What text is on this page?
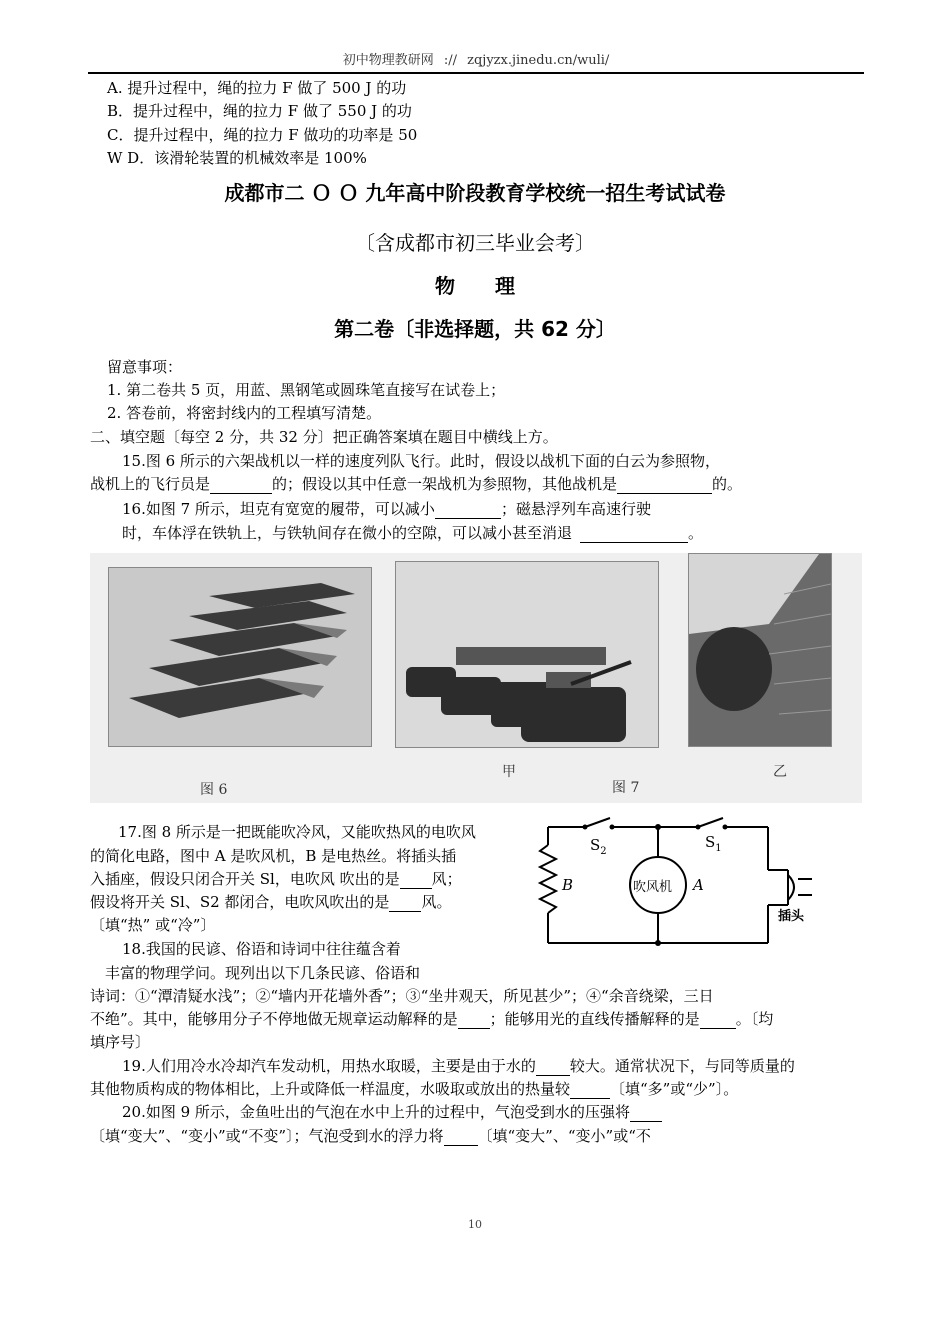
初中物理教研网 :// zqjyzx.jinedu.cn/wuli/
A. 提升过程中，绳的拉力 F 做了 500 J 的功
B．提升过程中，绳的拉力 F 做了 550 J 的功
C．提升过程中，绳的拉力 F 做功的功率是 50
W D．该滑轮装置的机械效率是 100%
成都市二 Ｏ Ｏ 九年高中阶段教育学校统一招生考试试卷
〔含成都市初三毕业会考〕
物　　理
第二卷〔非选择题，共 62 分〕
留意事项：
1. 第二卷共 5 页，用蓝、黑钢笔或圆珠笔直接写在试卷上；
2. 答卷前，将密封线内的工程填写清楚。
二、填空题〔每空 2 分，共 32 分〕把正确答案填在题目中横线上方。
15.图 6 所示的六架战机以一样的速度列队飞行。此时，假设以战机下面的白云为参照物，
战机上的飞行员是	的；假设以其中任意一架战机为参照物，其他战机是	的。
16.如图 7 所示，坦克有宽宽的履带，可以减小	；磁悬浮列车高速行驶
时，车体浮在铁轨上，与铁轨间存在微小的空隙，可以减小甚至消退	。
图 6
甲
图 7
乙
17.图 8 所示是一把既能吹冷风，又能吹热风的电吹风
的简化电路，图中 A 是吹风机，B 是电热丝。将插头插
入插座，假设只闭合开关 Sl，电吹风 吹出的是 风；
假设将开关 Sl、S2 都闭合，电吹风吹出的是 风。
〔填“热” 或“冷”〕
$S_2$
$S_1$
B	吹风机 A
插头
18.我国的民谚、俗语和诗词中往往蕴含着
丰富的物理学问。现列出以下几条民谚、俗语和
诗词：①“潭清疑水浅”；②“墙内开花墙外香”；③“坐井观天，所见甚少”；④“余音绕梁，三日
不绝”。其中，能够用分子不停地做无规章运动解释的是 ；能够用光的直线传播解释的是 。〔均
填序号〕
19.人们用冷水冷却汽车发动机，用热水取暖，主要是由于水的 较大。通常状况下，与同等质量的
其他物质构成的物体相比，上升或降低一样温度，水吸取或放出的热量较	〔填“多”或“少”〕。
20.如图 9 所示，金鱼吐出的气泡在水中上升的过程中，气泡受到水的压强将
〔填“变大”、“变小”或“不变”〕；气泡受到水的浮力将 〔填“变大”、“变小”或“不
10
